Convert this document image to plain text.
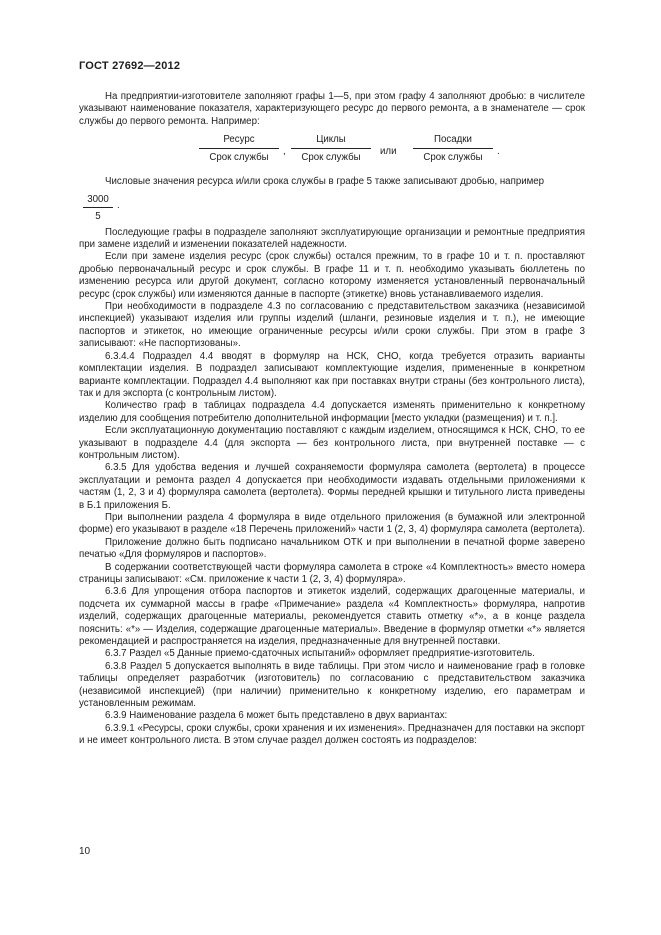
ГОСТ 27692—2012

На предприятии-изготовителе заполняют графы 1—5, при этом графу 4 заполняют дробью: в числителе указывают наименование показателя, характеризующего ресурс до первого ремонта, а в знаменателе — срок службы до первого ремонта. Например:

Ресурс
Срок службы	,
Циклы
Срок службы	или
Посадки
Срок службы	.

Числовые значения ресурса и/или срока службы в графе 5 также записывают дробью, например

$\frac{3000}{5}$ .

Последующие графы в подразделе заполняют эксплуатирующие организации и ремонтные предприятия при замене изделий и изменении показателей надежности.

Если при замене изделия ресурс (срок службы) остался прежним, то в графе 10 и т. п. проставляют дробью первоначальный ресурс и срок службы. В графе 11 и т. п. необходимо указывать бюллетень по изменению ресурса или другой документ, согласно которому изменяется установленный первоначальный ресурс (срок службы) или изменяются данные в паспорте (этикетке) вновь устанавливаемого изделия.

При необходимости в подразделе 4.3 по согласованию с представительством заказчика (независимой инспекцией) указывают изделия или группы изделий (шланги, резиновые изделия и т. п.), не имеющие паспортов и этикеток, но имеющие ограниченные ресурсы и/или сроки службы. При этом в графе 3 записывают: «Не паспортизованы».

6.3.4.4 Подраздел 4.4 вводят в формуляр на НСК, СНО, когда требуется отразить варианты комплектации изделия. В подраздел записывают комплектующие изделия, примененные в конкретном варианте комплектации. Подраздел 4.4 выполняют как при поставках внутри страны (без контрольного листа), так и для экспорта (с контрольным листом).

Количество граф в таблицах подраздела 4.4 допускается изменять применительно к конкретному изделию для сообщения потребителю дополнительной информации [место укладки (размещения) и т. п.].

Если эксплуатационную документацию поставляют с каждым изделием, относящимся к НСК, СНО, то ее указывают в подразделе 4.4 (для экспорта — без контрольного листа, при внутренней поставке — с контрольным листом).

6.3.5 Для удобства ведения и лучшей сохраняемости формуляра самолета (вертолета) в процессе эксплуатации и ремонта раздел 4 допускается при необходимости издавать отдельными приложениями к частям (1, 2, 3 и 4) формуляра самолета (вертолета). Формы передней крышки и титульного листа приведены в Б.1 приложения Б.

При выполнении раздела 4 формуляра в виде отдельного приложения (в бумажной или электронной форме) его указывают в разделе «18 Перечень приложений» части 1 (2, 3, 4) формуляра самолета (вертолета).

Приложение должно быть подписано начальником ОТК и при выполнении в печатной форме заверено печатью «Для формуляров и паспортов».

В содержании соответствующей части формуляра самолета в строке «4 Комплектность» вместо номера страницы записывают: «См. приложение к части 1 (2, 3, 4) формуляра».

6.3.6 Для упрощения отбора паспортов и этикеток изделий, содержащих драгоценные материалы, и подсчета их суммарной массы в графе «Примечание» раздела «4 Комплектность» формуляра, напротив изделий, содержащих драгоценные материалы, рекомендуется ставить отметку «*», а в конце раздела пояснить: «*» — Изделия, содержащие драгоценные материалы». Введение в формуляр отметки «*» является рекомендацией и распространяется на изделия, предназначенные для внутренней поставки.

6.3.7 Раздел «5 Данные приемо-сдаточных испытаний» оформляет предприятие-изготовитель.

6.3.8 Раздел 5 допускается выполнять в виде таблицы. При этом число и наименование граф в головке таблицы определяет разработчик (изготовитель) по согласованию с представительством заказчика (независимой инспекцией) (при наличии) применительно к конкретному изделию, его параметрам и установленным режимам.

6.3.9 Наименование раздела 6 может быть представлено в двух вариантах:

6.3.9.1 «Ресурсы, сроки службы, сроки хранения и их изменения». Предназначен для поставки на экспорт и не имеет контрольного листа. В этом случае раздел должен состоять из подразделов:

10
